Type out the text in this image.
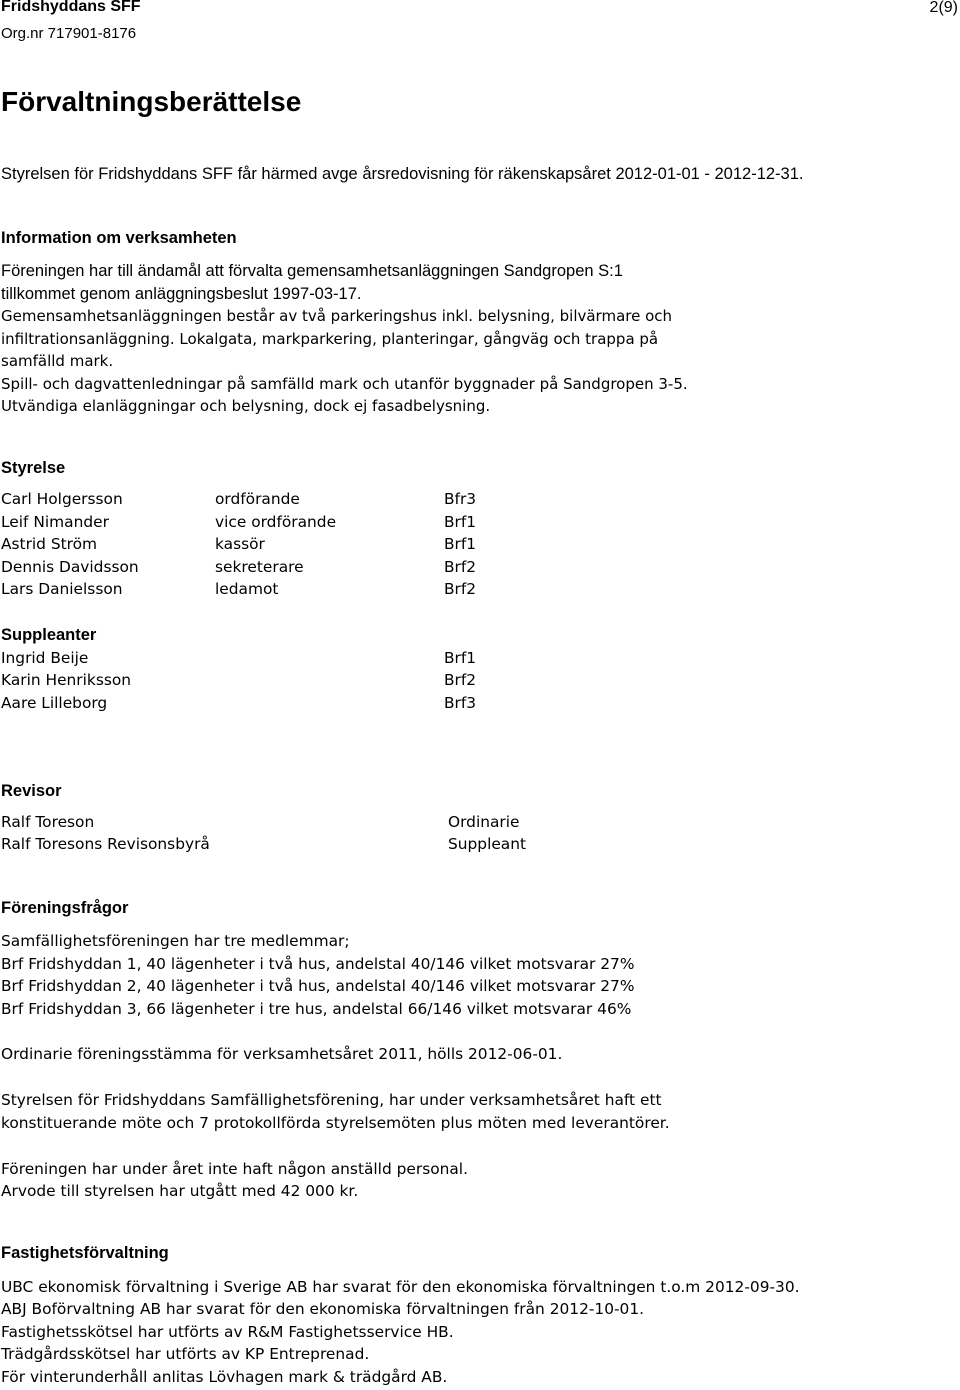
Fridshyddans SFF
Org.nr 717901-8176
2(9)
Förvaltningsberättelse
Styrelsen för Fridshyddans SFF får härmed avge årsredovisning för räkenskapsåret 2012-01-01 - 2012-12-31.
Information om verksamheten
Föreningen har till ändamål att förvalta gemensamhetsanläggningen Sandgropen S:1
tillkommet genom anläggningsbeslut 1997-03-17.
Gemensamhetsanläggningen består av två parkeringshus inkl. belysning, bilvärmare och
infiltrationsanläggning. Lokalgata, markparkering, planteringar, gångväg och trappa på
samfälld mark.
Spill- och dagvattenledningar på samfälld mark och utanför byggnader på Sandgropen 3-5.
Utvändiga elanläggningar och belysning, dock ej fasadbelysning.
Styrelse
Carl Holgersson	ordförande	Bfr3
Leif Nimander	vice ordförande	Brf1
Astrid Ström	kassör	Brf1
Dennis Davidsson	sekreterare	Brf2
Lars Danielsson	ledamot	Brf2
Suppleanter
Ingrid Beije	Brf1
Karin Henriksson	Brf2
Aare Lilleborg	Brf3
Revisor
Ralf Toreson	Ordinarie
Ralf Toresons Revisonsbyrå	Suppleant
Föreningsfrågor
Samfällighetsföreningen har tre medlemmar;
Brf Fridshyddan 1, 40 lägenheter i två hus, andelstal 40/146 vilket motsvarar 27%
Brf Fridshyddan 2, 40 lägenheter i två hus, andelstal 40/146 vilket motsvarar 27%
Brf Fridshyddan 3, 66 lägenheter i tre hus, andelstal 66/146 vilket motsvarar 46%
Ordinarie föreningsstämma för verksamhetsåret 2011, hölls 2012-06-01.
Styrelsen för Fridshyddans Samfällighetsförening, har under verksamhetsåret haft ett
konstituerande möte och 7 protokollförda styrelsemöten plus möten med leverantörer.
Föreningen har under året inte haft någon anställd personal.
Arvode till styrelsen har utgått med 42 000 kr.
Fastighetsförvaltning
UBC ekonomisk förvaltning i Sverige AB har svarat för den ekonomiska förvaltningen t.o.m 2012-09-30.
ABJ Boförvaltning AB har svarat för den ekonomiska förvaltningen från 2012-10-01.
Fastighetsskötsel har utförts av R&M Fastighetsservice HB.
Trädgårdsskötsel har utförts av KP Entreprenad.
För vinterunderhåll anlitas Lövhagen mark & trädgård AB.
